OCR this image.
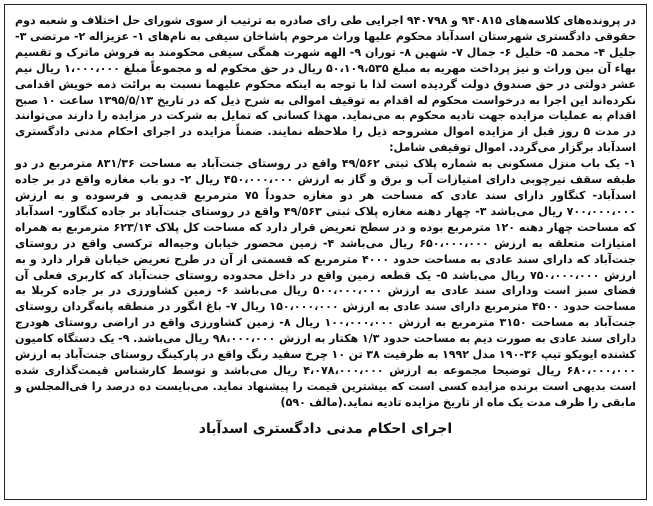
در پرونده‌های کلاسه‌های ۹۴۰۸۱۵ و ۹۴۰۷۹۸ اجرایی طی رای صادره به ترتیب از سوی شورای حل اختلاف و شعبه دوم حقوقی دادگستری شهرستان اسدآباد محکوم علیها وراث مرحوم پاشاخان سیفی به نام‌های ۱- عزیزاله ۲- مرتضی ۳- جلیل ۴- محمد ۵- خلیل ۶- جمال ۷- شهین ۸- توران ۹- الهه شهرت همگی سیفی محکومند به فروش ماترک و تقسیم بهاء آن بین وراث و نیز پرداخت مهریه به مبلغ ۵۰،۱۰۹،۵۳۵ ریال در حق محکوم له و مجموعاً مبلغ ۱،۰۰۰،۰۰۰ ریال نیم عشر دولتی در حق صندوق دولت گردیده است لذا با توجه به اینکه محکوم علیهما نسبت به برائت ذمه خویش اقدامی نکرده‌اند این اجرا به درخواست محکوم له اقدام به توقیف اموالی به شرح ذیل که در تاریخ ۱۳۹۵/۵/۱۳ ساعت ۱۰ صبح اقدام به عملیات مزایده جهت تادیه محکوم به می‌نماید. مهذا کسانی که تمایل به شرکت در مزایده را دارند می‌توانند در مدت ۵ روز قبل از مزایده اموال مشروحه ذیل را ملاحظه نمایند. ضمناً مزایده در اجرای احکام مدنی دادگستری اسدآباد برگزار می‌گردد. اموال توقیفی شامل:

۱- یک باب منزل مسکونی به شماره پلاک ثبتی ۴۹/۵۶۲ واقع در روستای جنت‌آباد به مساحت ۸۳۱/۳۶ مترمربع در دو طبقه سقف تیرچوبی دارای امتیازات آب و برق و گاز به ارزش ۴۵۰،۰۰۰،۰۰۰ ریال ۲- دو باب مغازه واقع در بر جاده اسدآباد- کنگاور دارای سند عادی که مساحت هر دو مغازه حدوداً ۷۵ مترمربع قدیمی و فرسوده و به ارزش ۷۰۰،۰۰۰،۰۰۰ ریال می‌باشد ۳- چهار دهنه مغازه پلاک ثبتی ۴۹/۵۶۳ واقع در روستای جنت‌آباد بر جاده کنگاور- اسدآباد که مساحت چهار دهنه ۱۲۰ مترمربع بوده و در سطح تعریض قرار دارد که مساحت کل پلاک ۶۲۳/۱۴ مترمربع به همراه امتیازات متعلقه به ارزش ۶۵۰،۰۰۰،۰۰۰ ریال می‌باشد ۴- زمین محصور خیابان وجیه‌اله ترکسی واقع در روستای جنت‌آباد که دارای سند عادی به مساحت حدود ۴۰۰۰ مترمربع که قسمتی از آن در طرح تعریض خیابان قرار دارد و به ارزش ۷۵۰،۰۰۰،۰۰۰ ریال می‌باشد ۵- یک قطعه زمین واقع در داخل محدوده روستای جنت‌آباد که کاربری فعلی آن فضای سبز است ودارای سند عادی به ارزش ۵۰۰،۰۰۰،۰۰۰ ریال می‌باشد ۶- زمین کشاورزی در بر جاده کربلا به مساحت حدود ۴۵۰۰ مترمربع دارای سند عادی به ارزش ۱۵۰،۰۰۰،۰۰۰ ریال ۷- باغ انگور در منطقه پانه‌گردان روستای جنت‌آباد به مساحت ۳۱۵۰ مترمربع به ارزش ۱۰۰،۰۰۰،۰۰۰ ریال ۸- زمین کشاورزی واقع در اراضی روستای هودرج دارای سند عادی به صورت دیم به مساحت حدود ۱/۳ هکتار به ارزش ۹۸،۰۰۰،۰۰۰ ریال می‌باشد. ۹- یک دستگاه کامیون کشنده ایویکو تیپ ۳۶-۱۹۰ مدل ۱۹۹۲ به ظرفیت ۳۸ تن ۱۰ چرخ سفید رنگ واقع در پارکینگ روستای جنت‌آباد به ارزش ۶۸۰،۰۰۰،۰۰۰ ریال توضیحا مجموعه به ارزش ۴،۰۷۸،۰۰۰،۰۰۰ ریال می‌باشد و توسط کارشناس قیمت‌گذاری شده است بدیهی است برنده مزایده کسی است که بیشترین قیمت را پیشنهاد نماید. می‌بایست ده درصد را فی‌المجلس و مابقی را ظرف مدت یک ماه از تاریخ مزایده تادیه نماید.(مالف ۵۹۰)

اجرای احکام مدنی دادگستری اسدآباد
